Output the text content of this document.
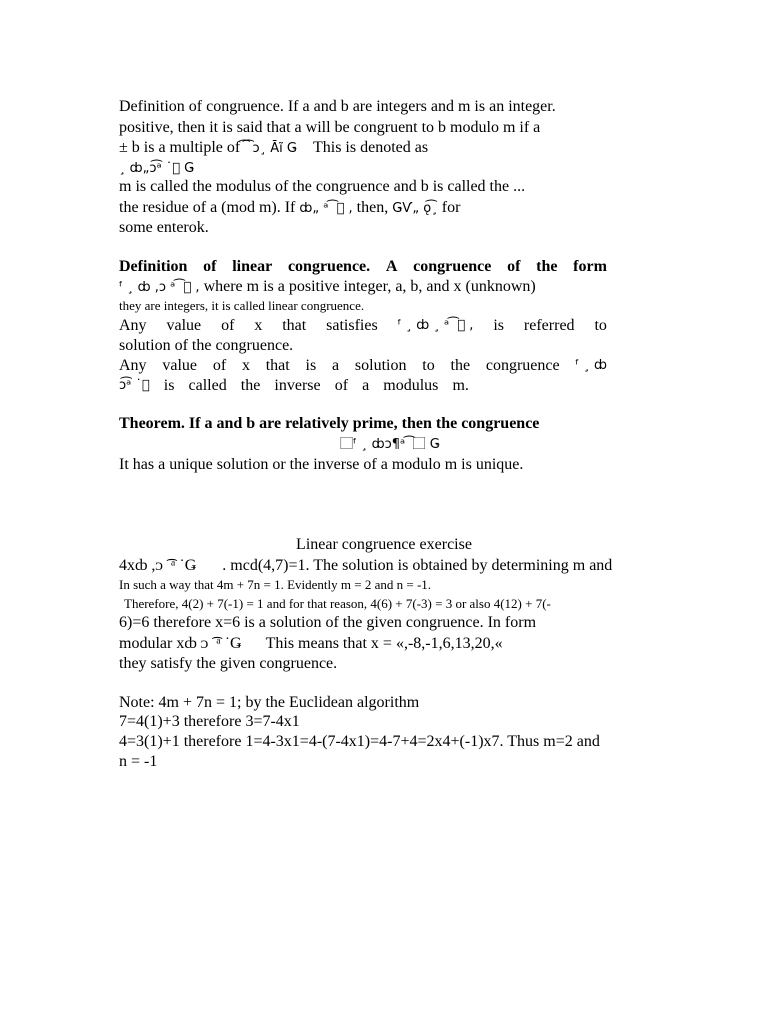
Definition of congruence. If a and b are integers and m is an integer.
positive, then it is said that a will be congruent to b modulo m if a
± b is a multiple of ͡ ͡ ᴐ¸ Ᾱĩ Ǥ This is denoted as
¸ ȸ„ᴐ͡ᵃ ˙⃞ Ǥ
m is called the modulus of the congruence and b is called the ...
the residue of a (mod m). If ȸ„ ᵃ ͡ ⃞ , then, ǤѴ„ ǫ͡¸ for
some enterok.
Definition of linear congruence. A congruence of the form
ᶠ ¸ ȸ ,ᴐ ᵃ ͡ ⃞ , where m is a positive integer, a, b, and x (unknown)
they are integers, it is called linear congruence.
Any value of x that satisfies ᶠ ¸ ȸ ¸ ᵃ ͡ ⃞ , is referred to
solution of the congruence.
Any value of x that is a solution to the congruence ᶠ ¸ ȸ
ᴐ͡ᵃ ˙⃞ is called the inverse of a modulus m.
Theorem. If a and b are relatively prime, then the congruence
⃞ᶠ ¸ ȸᴐ¶ᵃ ͡ ⃞ Ǥ
It has a unique solution or the inverse of a modulo m is unique.
Linear congruence exercise
4xȸ ,ᴐ ͡ ᵃ ˙Ǥ . mcd(4,7)=1. The solution is obtained by determining m and
In such a way that 4m + 7n = 1. Evidently m = 2 and n = -1.
Therefore, 4(2) + 7(-1) = 1 and for that reason, 4(6) + 7(-3) = 3 or also 4(12) + 7(-
6)=6 therefore x=6 is a solution of the given congruence. In form
modular xȸ ᴐ ͡ ᵃ ˙Ǥ This means that x = «,-8,-1,6,13,20,«
they satisfy the given congruence.
Note: 4m + 7n = 1; by the Euclidean algorithm
7=4(1)+3 therefore 3=7-4x1
4=3(1)+1 therefore 1=4-3x1=4-(7-4x1)=4-7+4=2x4+(-1)x7. Thus m=2 and
n = -1
